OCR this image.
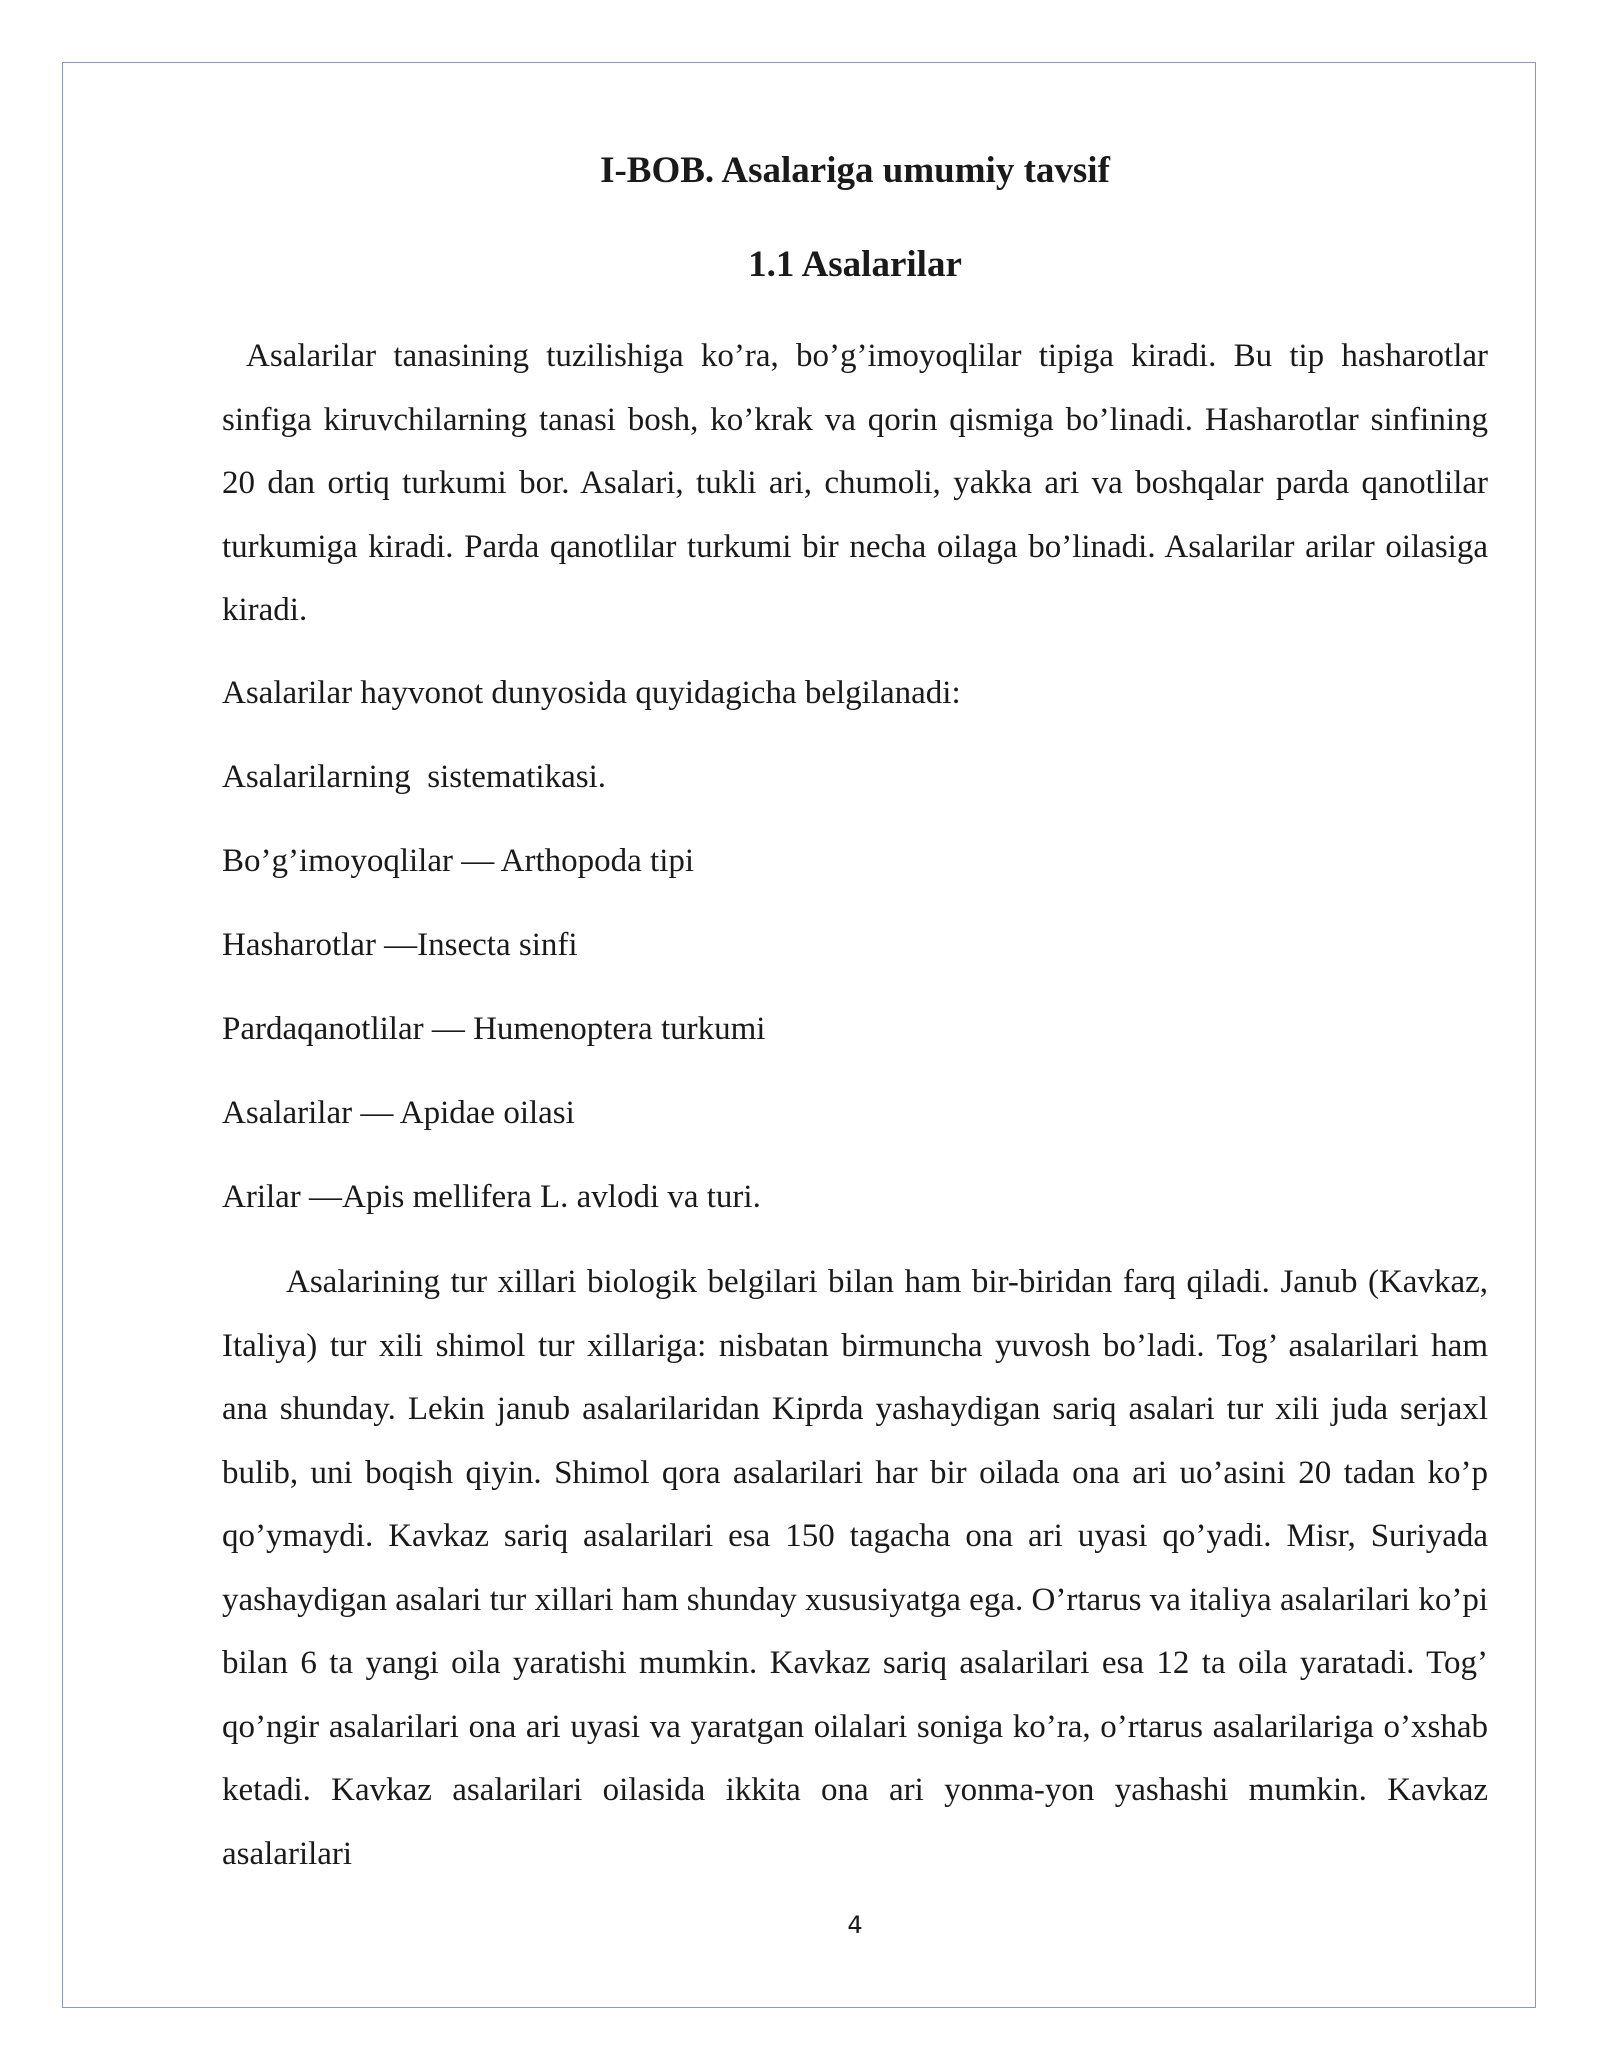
I-BOB. Asalariga umumiy tavsif
1.1 Asalarilar

Asalarilar tanasining tuzilishiga ko’ra, bo’g’imoyoqlilar tipiga kiradi. Bu tip hasharotlar sinfiga kiruvchilarning tanasi bosh, ko’krak va qorin qismiga bo’linadi. Hasharotlar sinfining 20 dan ortiq turkumi bor. Asalari, tukli ari, chumoli, yakka ari va boshqalar parda qanotlilar turkumiga kiradi. Parda qanotlilar turkumi bir necha oilaga bo’linadi. Asalarilar arilar oilasiga kiradi.

Asalarilar hayvonot dunyosida quyidagicha belgilanadi:

Asalarilarning  sistematikasi.

Bo’g’imoyoqlilar — Arthopoda tipi

Hasharotlar —Insecta sinfi

Pardaqanotlilar — Humenoptera turkumi

Asalarilar — Apidae oilasi

Arilar —Apis mellifera L. avlodi va turi.

Asalarining tur xillari biologik belgilari bilan ham bir-biridan farq qiladi. Janub (Kavkaz, Italiya) tur xili shimol tur xillariga: nisbatan birmuncha yuvosh bo’ladi. Tog’ asalarilari ham ana shunday. Lekin janub asalarilaridan Kiprda yashaydigan sariq asalari tur xili juda serjaxl bulib, uni boqish qiyin. Shimol qora asalarilari har bir oilada ona ari uo’asini 20 tadan ko’p qo’ymaydi. Kavkaz sariq asalarilari esa 150 tagacha ona ari uyasi qo’yadi. Misr, Suriyada yashaydigan asalari tur xillari ham shunday xususiyatga ega. O’rtarus va italiya asalarilari ko’pi bilan 6 ta yangi oila yaratishi mumkin. Kavkaz sariq asalarilari esa 12 ta oila yaratadi. Tog’ qo’ngir asalarilari ona ari uyasi va yaratgan oilalari soniga ko’ra, o’rtarus asalarilariga o’xshab ketadi. Kavkaz asalarilari oilasida ikkita ona ari yonma-yon yashashi mumkin. Kavkaz asalarilari

4
